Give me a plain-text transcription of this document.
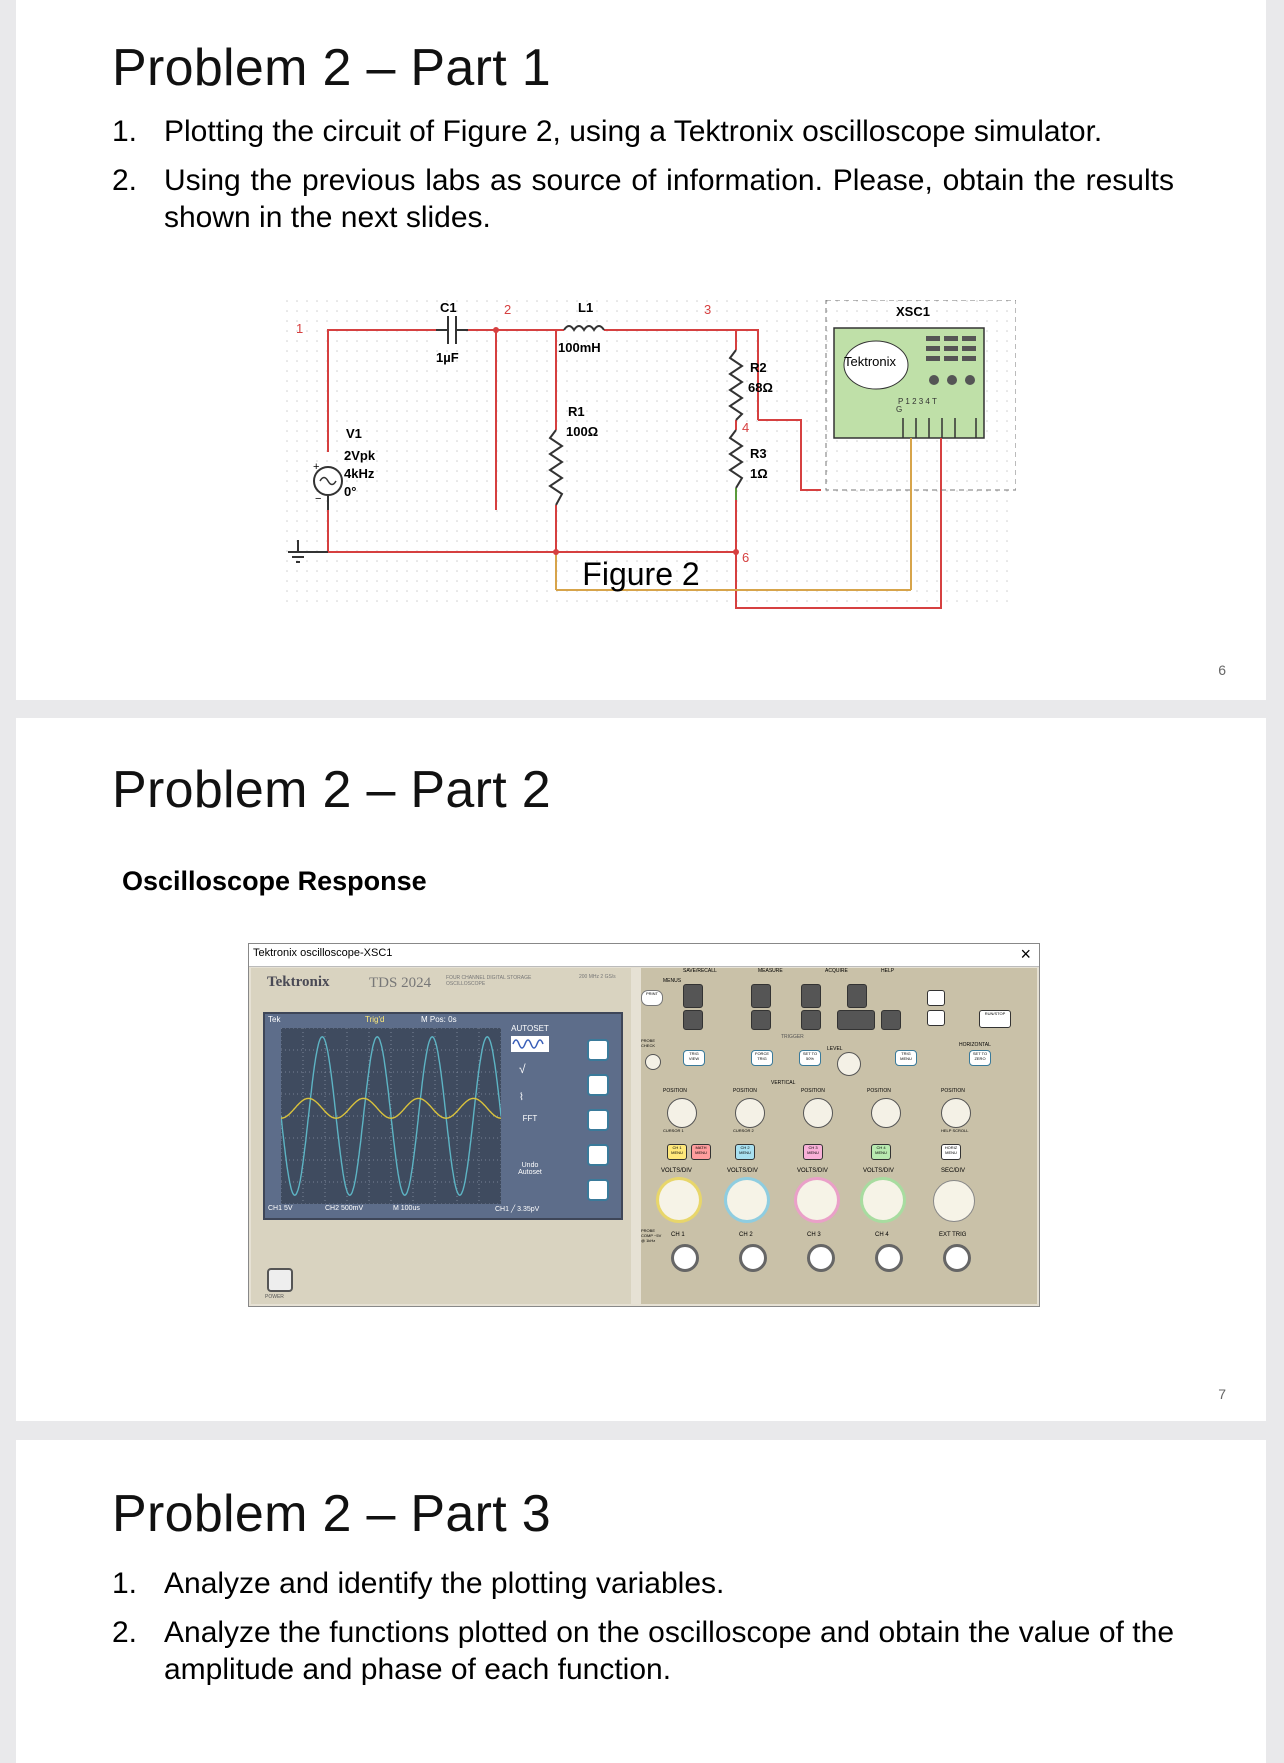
Problem 2 – Part 1
1. Plotting the circuit of Figure 2, using a Tektronix oscilloscope simulator.
2. Using the previous labs as source of information. Please, obtain the results shown in the next slides.
C1
1µF
L1
100mH
R2
68Ω
R1
100Ω
R3
1Ω
+
−
V1
2Vpk
4kHz
0°
1
2	3
4
6
XSC1
Tektronix
P 1 2 3 4 T
G
Figure 2
6
Problem 2 – Part 2
Oscilloscope Response
Tektronix oscilloscope-XSC1	×
Tektronix	TDS 2024	FOUR CHANNEL DIGITAL STORAGE OSCILLOSCOPE
200 MHz 2 GS/s
Tek	Trig'd	M Pos: 0s
AUTOSET
√
⌇
FFT
Undo Autoset
CH1 5V	CH2 500mV	M 100us	CH1 ╱ 3.35pV
POWER
MENUS
SAVE/RECALL	MEASURE	ACQUIRE	HELP
PRINT
RUN/STOP
PROBE CHECK
TRIG VIEW
FORCE TRIG
TRIGGER
SET TO 50%
LEVEL
TRIG MENU
HORIZONTAL
SET TO ZERO
VERTICAL
POSITION	POSITION	POSITION	POSITION	POSITION
CURSOR 1	CURSOR 2	HELP SCROLL
CH 1 MENU
MATH MENU
CH 2 MENU
CH 3 MENU
CH 4 MENU
HORIZ MENU
VOLTS/DIV	VOLTS/DIV	VOLTS/DIV	VOLTS/DIV	SEC/DIV
PROBE COMP ~5V @ 1kHz
CH 1	CH 2	CH 3	CH 4	EXT TRIG
7
Problem 2 – Part 3
1. Analyze and identify the plotting variables.
2. Analyze the functions plotted on the oscilloscope and obtain the value of the amplitude and phase of each function.
